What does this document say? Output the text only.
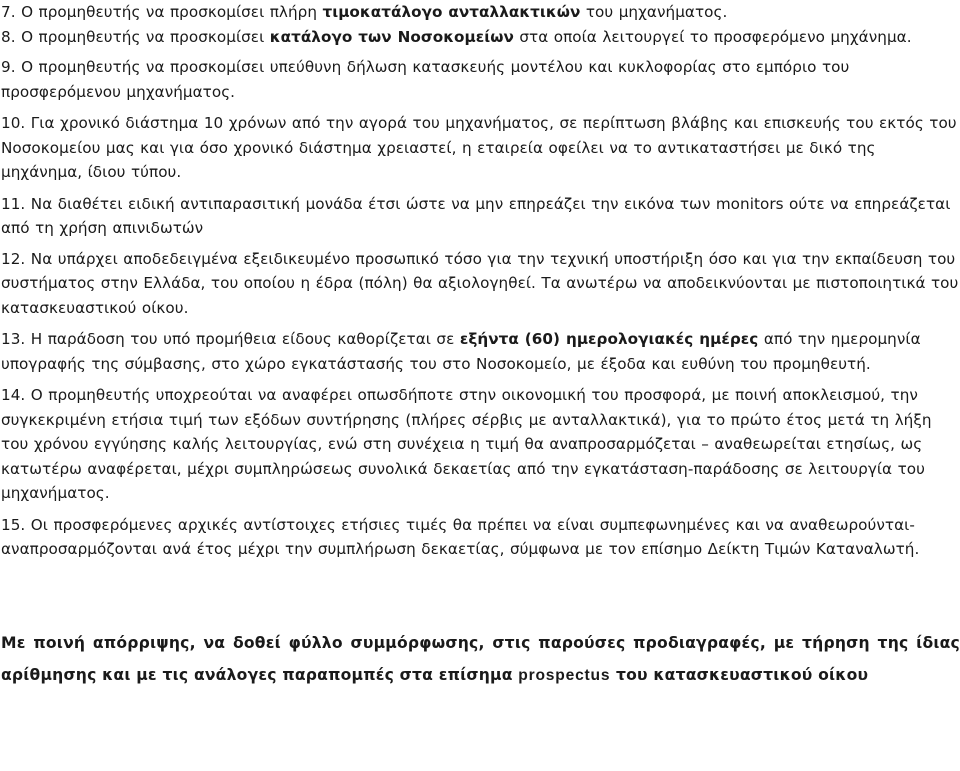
7. Ο προμηθευτής να προσκομίσει πλήρη τιμοκατάλογο ανταλλακτικών του μηχανήματος.

8. Ο προμηθευτής να προσκομίσει κατάλογο των Νοσοκομείων στα οποία λειτουργεί το προσφερόμενο μηχάνημα.

9. Ο προμηθευτής να προσκομίσει υπεύθυνη δήλωση κατασκευής μοντέλου και κυκλοφορίας στο εμπόριο του προσφερόμενου μηχανήματος.

10. Για χρονικό διάστημα 10 χρόνων από την αγορά του μηχανήματος, σε περίπτωση βλάβης και επισκευής του εκτός του Νοσοκομείου μας και για όσο χρονικό διάστημα χρειαστεί, η εταιρεία οφείλει να το αντικαταστήσει με δικό της μηχάνημα, ίδιου τύπου.

11. Να διαθέτει ειδική αντιπαρασιτική μονάδα έτσι ώστε να μην επηρεάζει την εικόνα των monitors ούτε να επηρεάζεται από τη χρήση απινιδωτών

12. Να υπάρχει αποδεδειγμένα εξειδικευμένο προσωπικό τόσο για την τεχνική υποστήριξη όσο και για την εκπαίδευση του συστήματος στην Ελλάδα, του οποίου η έδρα (πόλη) θα αξιολογηθεί. Τα ανωτέρω να αποδεικνύονται με πιστοποιητικά του κατασκευαστικού οίκου.

13. Η παράδοση του υπό προμήθεια είδους καθορίζεται σε εξήντα (60) ημερολογιακές ημέρες από την ημερομηνία υπογραφής της σύμβασης, στο χώρο εγκατάστασής του στο Νοσοκομείο, με έξοδα και ευθύνη του προμηθευτή.

14. Ο προμηθευτής υποχρεούται να αναφέρει οπωσδήποτε στην οικονομική του προσφορά, με ποινή αποκλεισμού, την συγκεκριμένη ετήσια τιμή των εξόδων συντήρησης (πλήρες σέρβις με ανταλλακτικά), για το πρώτο έτος μετά τη λήξη του χρόνου εγγύησης καλής λειτουργίας, ενώ στη συνέχεια η τιμή θα αναπροσαρμόζεται – αναθεωρείται ετησίως, ως κατωτέρω αναφέρεται, μέχρι συμπληρώσεως συνολικά δεκαετίας από την εγκατάσταση-παράδοσης σε λειτουργία του μηχανήματος.

15. Οι προσφερόμενες αρχικές αντίστοιχες ετήσιες τιμές θα πρέπει να είναι συμπεφωνημένες και να αναθεωρούνται-αναπροσαρμόζονται ανά έτος μέχρι την συμπλήρωση δεκαετίας, σύμφωνα με τον επίσημο Δείκτη Τιμών Καταναλωτή.

Με ποινή απόρριψης, να δοθεί φύλλο συμμόρφωσης, στις παρούσες προδιαγραφές, με τήρηση της ίδιας αρίθμησης και με τις ανάλογες παραπομπές στα επίσημα prospectus του κατασκευαστικού οίκου
